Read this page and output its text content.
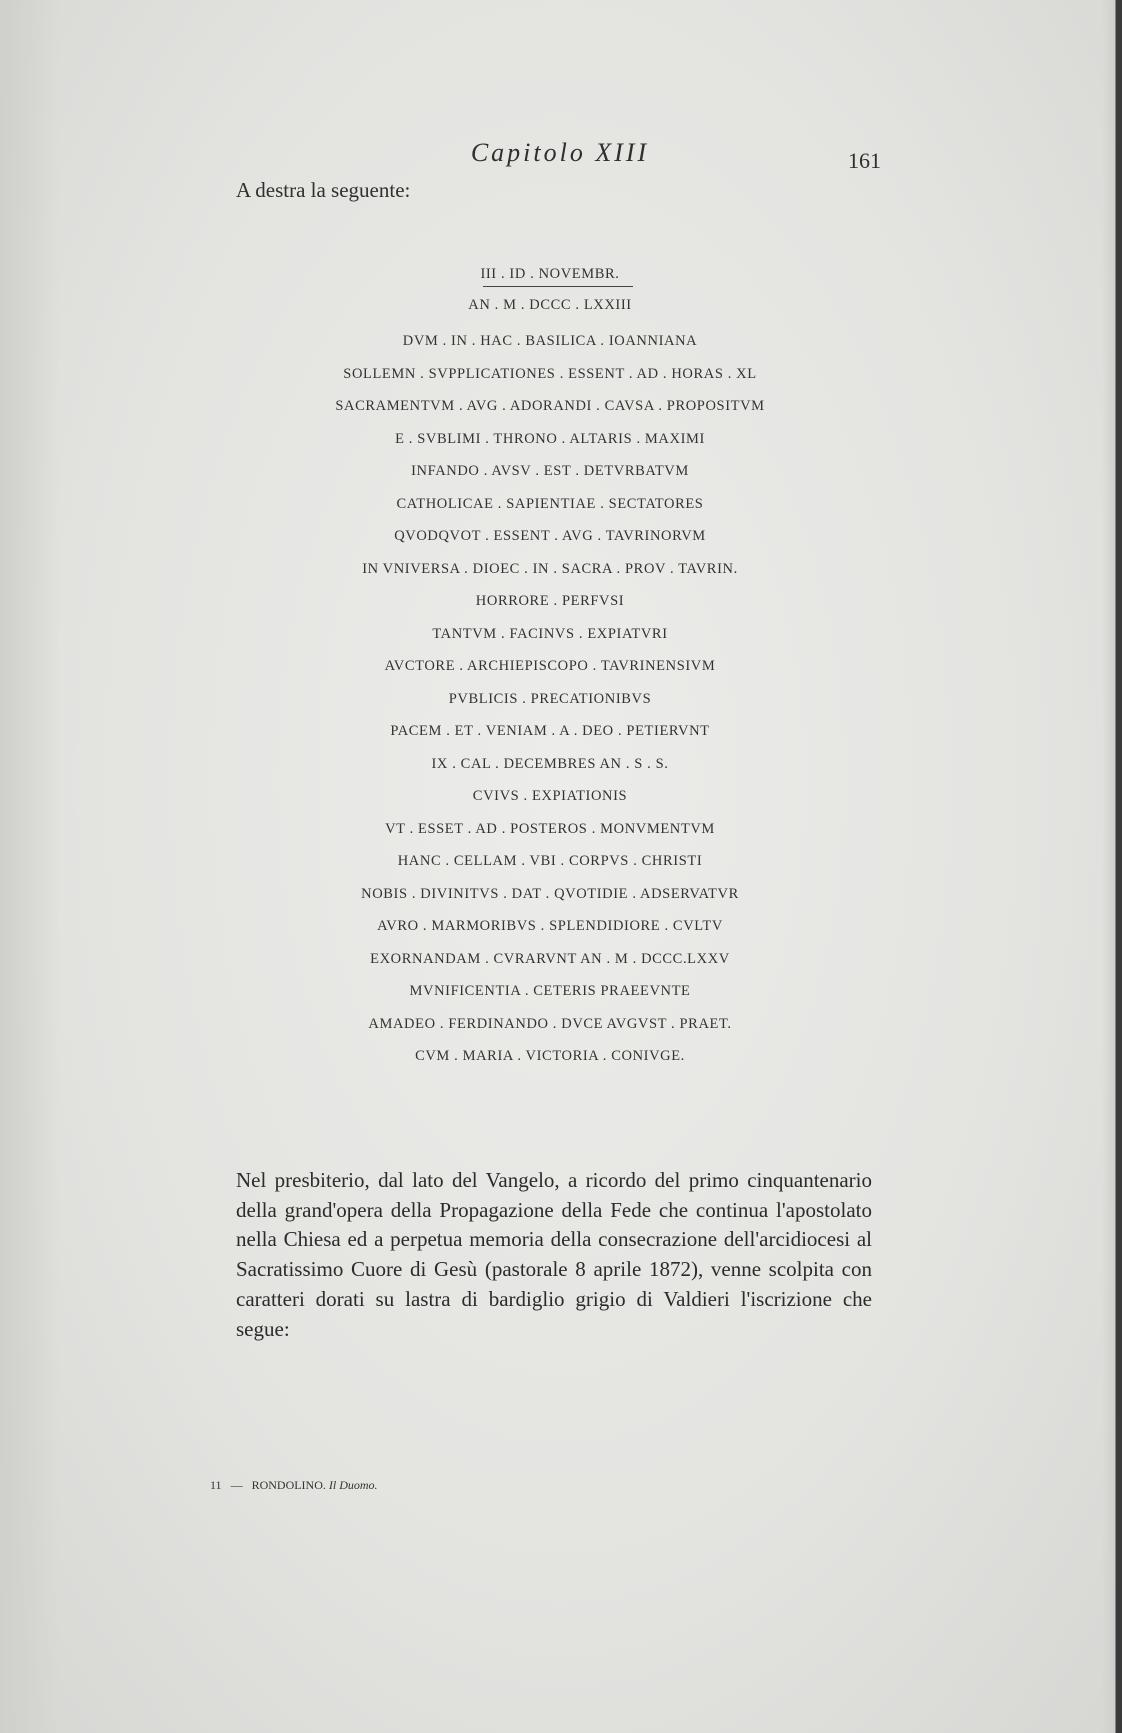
Capitolo XIII	161
A destra la seguente:
III . ID . NOVEMBR.
AN . M . DCCC . LXXIII
DVM . IN . HAC . BASILICA . IOANNIANA
SOLLEMN . SVPPLICATIONES . ESSENT . AD . HORAS . XL
SACRAMENTVM . AVG . ADORANDI . CAVSA . PROPOSITVM
E . SVBLIMI . THRONO . ALTARIS . MAXIMI
INFANDO . AVSV . EST . DETVRBATVM
CATHOLICAE . SAPIENTIAE . SECTATORES
QVODQVOT . ESSENT . AVG . TAVRINORVM
IN VNIVERSA . DIOEC . IN . SACRA . PROV . TAVRIN.
HORRORE . PERFVSI
TANTVM . FACINVS . EXPIATVRI
AVCTORE . ARCHIEPISCOPO . TAVRINENSIVM
PVBLICIS . PRECATIONIBVS
PACEM . ET . VENIAM . A . DEO . PETIERVNT
IX . CAL . DECEMBRES AN . S . S.
CVIVS . EXPIATIONIS
VT . ESSET . AD . POSTEROS . MONVMENTVM
HANC . CELLAM . VBI . CORPVS . CHRISTI
NOBIS . DIVINITVS . DAT . QVOTIDIE . ADSERVATVR
AVRO . MARMORIBVS . SPLENDIDIORE . CVLTV
EXORNANDAM . CVRARVNT AN . M . DCCC.LXXV
MVNIFICENTIA . CETERIS PRAEEVNTE
AMADEO . FERDINANDO . DVCE AVGVST . PRAET.
CVM . MARIA . VICTORIA . CONIVGE.
Nel presbiterio, dal lato del Vangelo, a ricordo del primo cinquantenario della grand'opera della Propagazione della Fede che continua l'apostolato nella Chiesa ed a perpetua memoria della consecrazione dell'arcidiocesi al Sacratissimo Cuore di Gesù (pastorale 8 aprile 1872), venne scolpita con caratteri dorati su lastra di bardiglio grigio di Valdieri l'iscrizione che segue:
11 — RONDOLINO. Il Duomo.
